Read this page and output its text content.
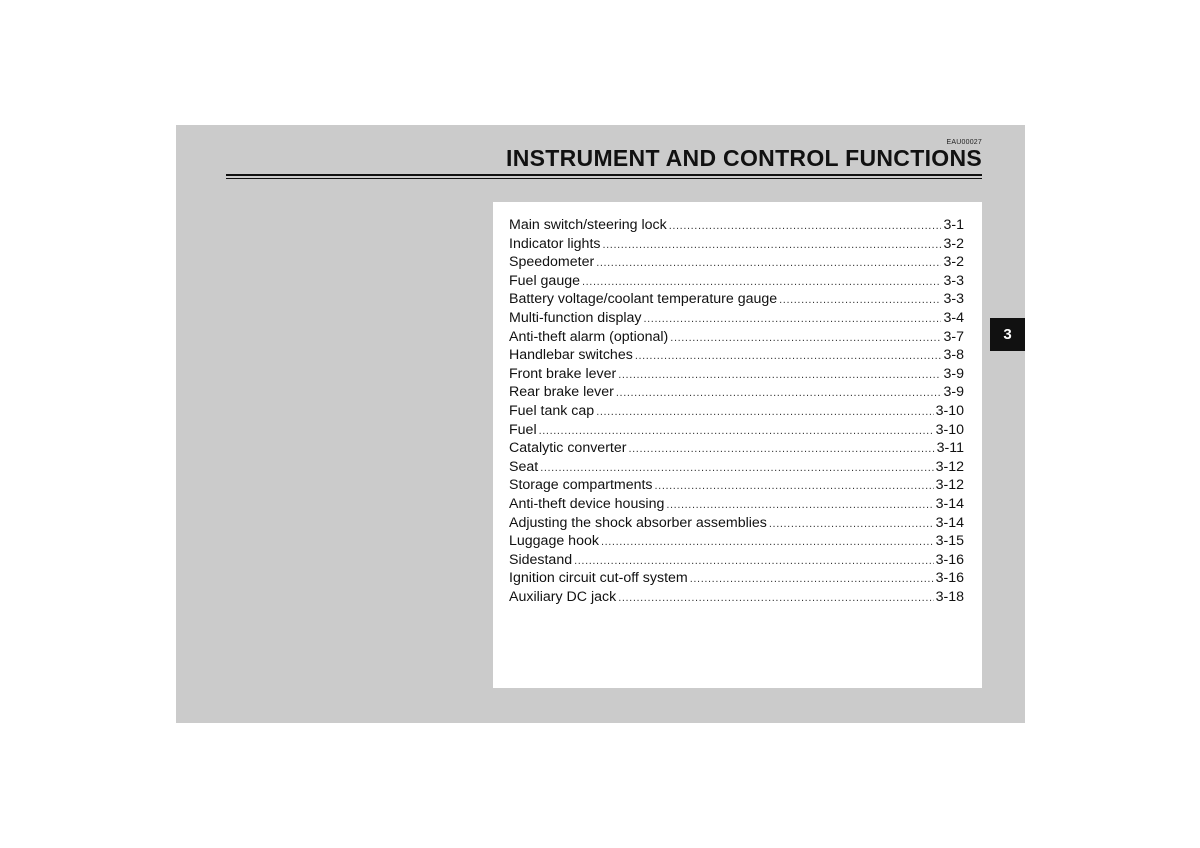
EAU00027
INSTRUMENT AND CONTROL FUNCTIONS
Main switch/steering lock .....	3-1
Indicator lights .....	3-2
Speedometer .....	3-2
Fuel gauge .....	3-3
Battery voltage/coolant temperature gauge .....	3-3
Multi-function display .....	3-4
Anti-theft alarm (optional) .....	3-7
Handlebar switches .....	3-8
Front brake lever .....	3-9
Rear brake lever .....	3-9
Fuel tank cap .....	3-10
Fuel .....	3-10
Catalytic converter .....	3-11
Seat .....	3-12
Storage compartments .....	3-12
Anti-theft device housing .....	3-14
Adjusting the shock absorber assemblies .....	3-14
Luggage hook .....	3-15
Sidestand .....	3-16
Ignition circuit cut-off system .....	3-16
Auxiliary DC jack .....	3-18
3
